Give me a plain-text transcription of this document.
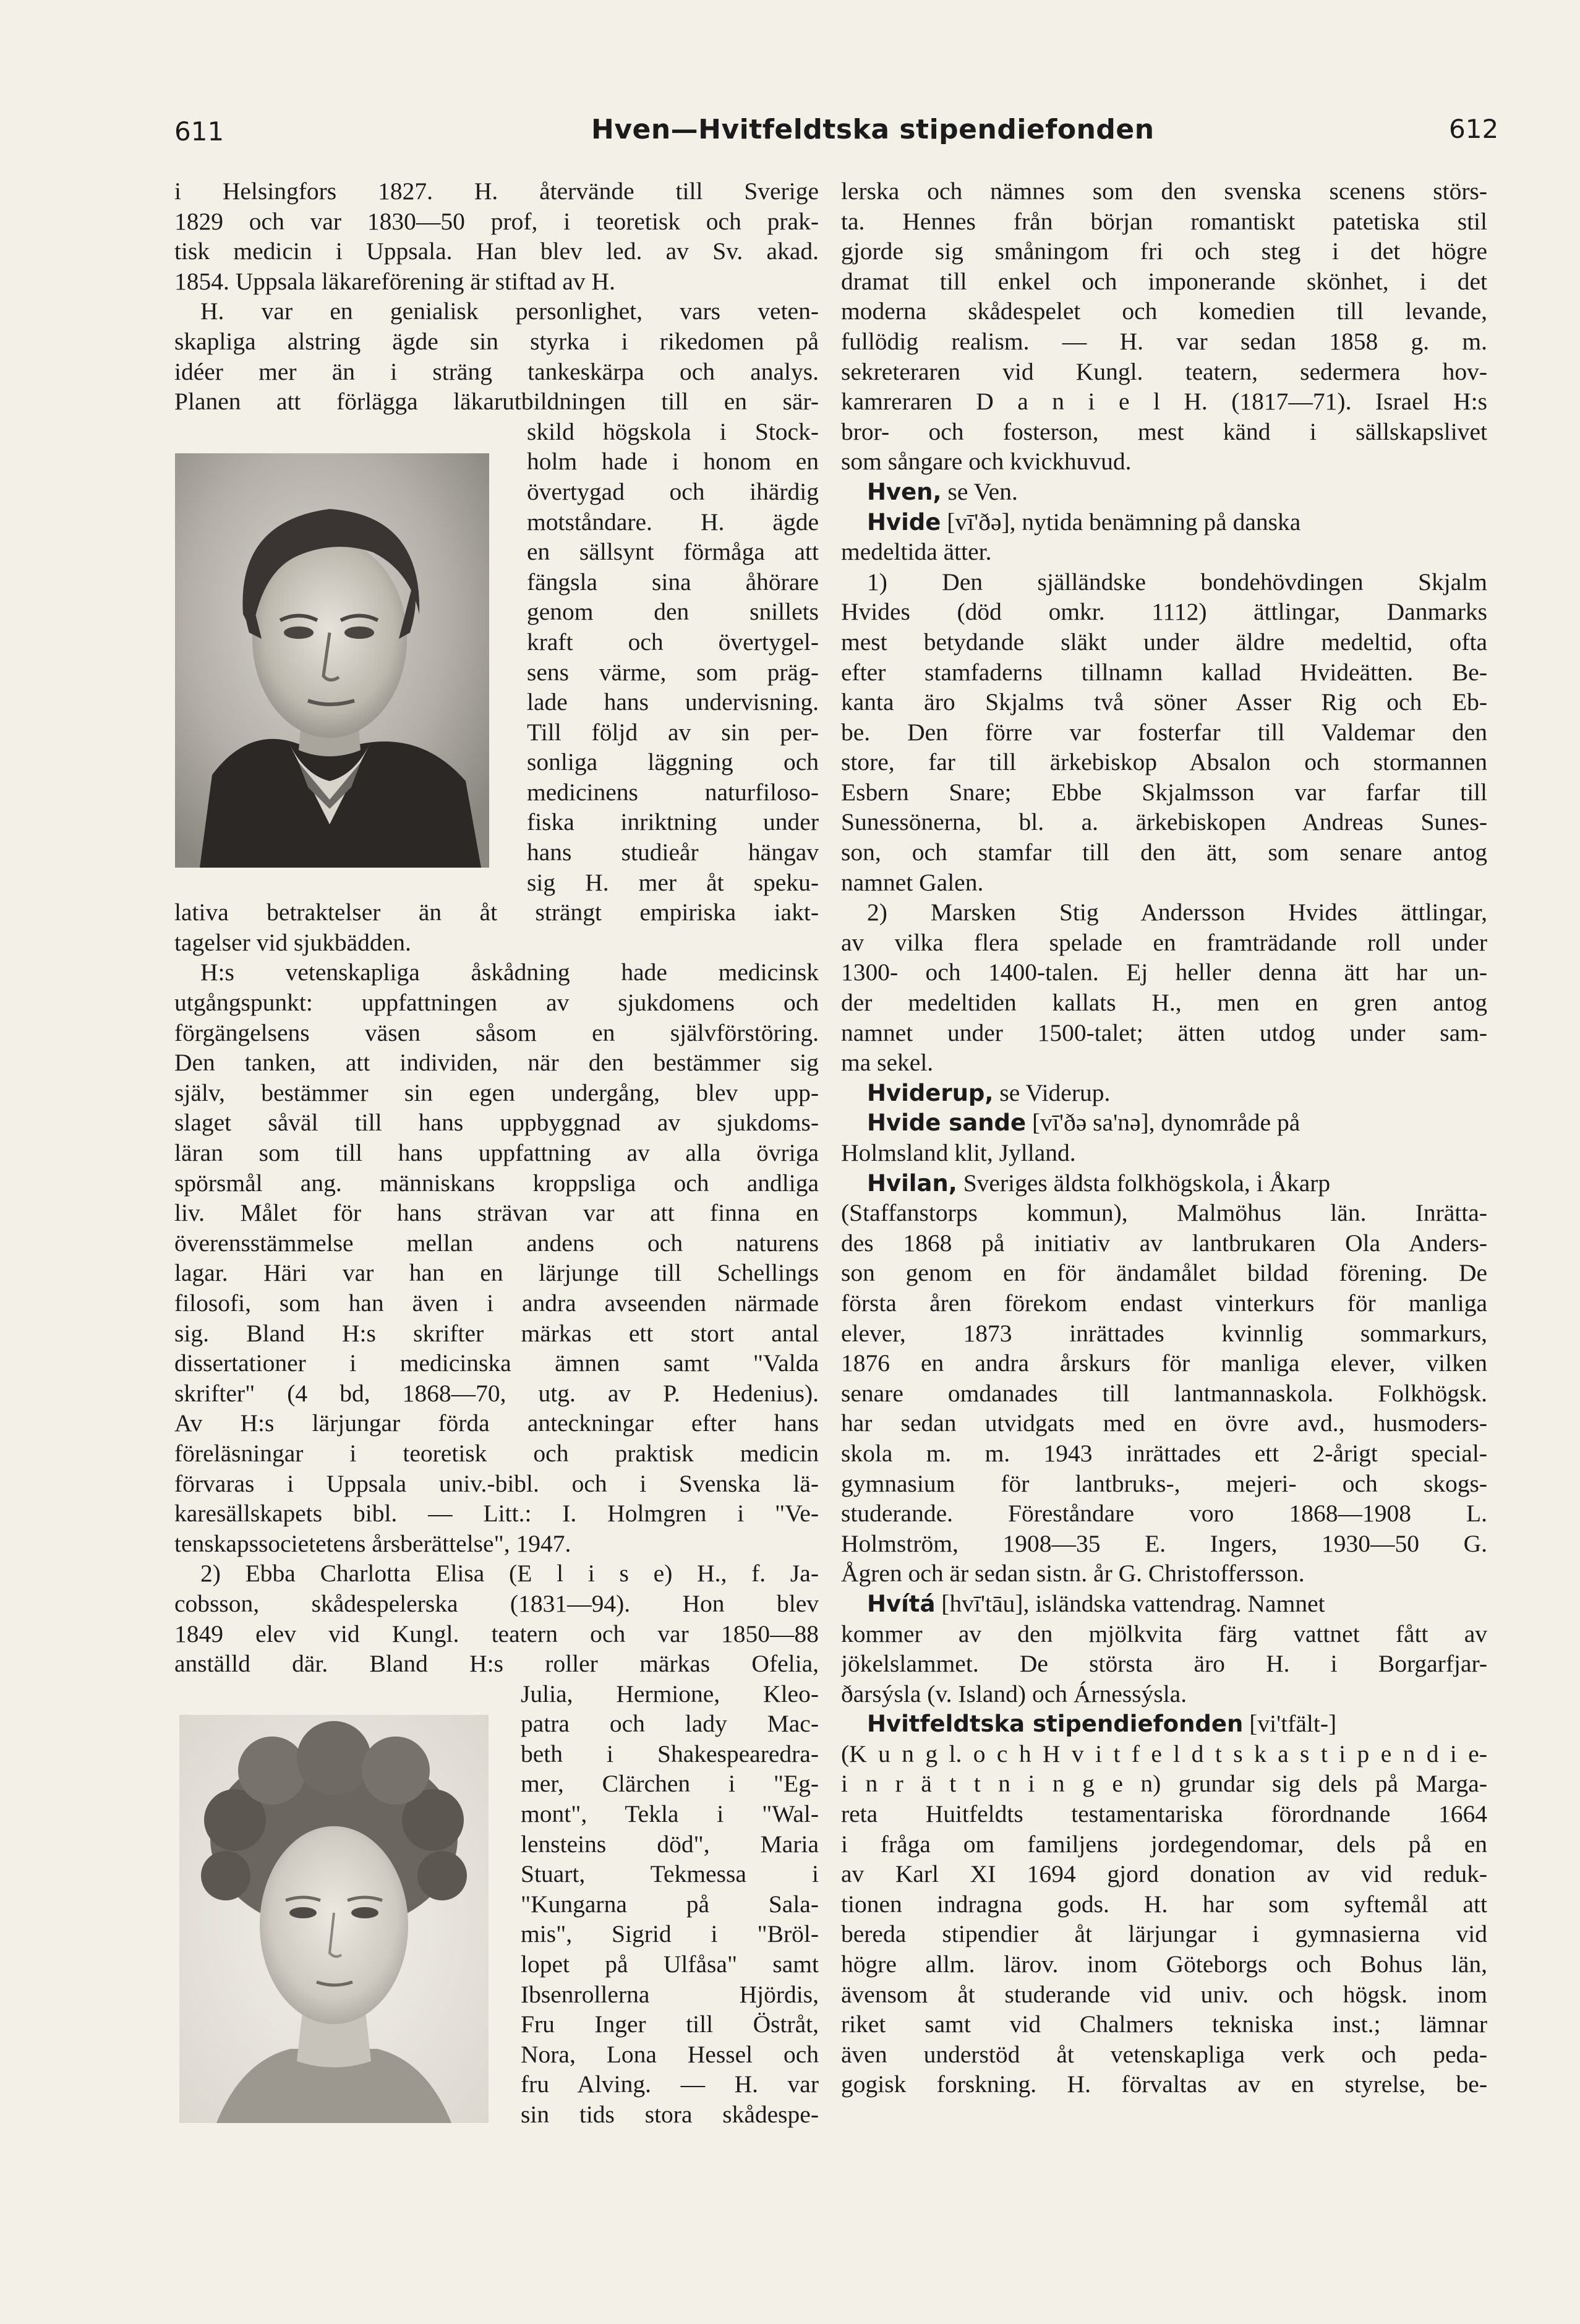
611	Hven—Hvitfeldtska stipendiefonden	612
i Helsingfors 1827. H. återvände till Sverige
1829 och var 1830—50 prof, i teoretisk och prak-
tisk medicin i Uppsala. Han blev led. av Sv. akad.
1854. Uppsala läkareförening är stiftad av H.
H. var en genialisk personlighet, vars veten-
skapliga alstring ägde sin styrka i rikedomen på
idéer mer än i sträng tankeskärpa och analys.
Planen att förlägga läkarutbildningen till en sär-
skild högskola i Stock-
holm hade i honom en
övertygad och ihärdig
motståndare. H. ägde
en sällsynt förmåga att
fängsla sina åhörare
genom den snillets
kraft och övertygel-
sens värme, som präg-
lade hans undervisning.
Till följd av sin per-
sonliga läggning och
medicinens naturfiloso-
fiska inriktning under
hans studieår hängav
sig H. mer åt speku-
lativa betraktelser än åt strängt empiriska iakt-
tagelser vid sjukbädden.
H:s vetenskapliga åskådning hade medicinsk
utgångspunkt: uppfattningen av sjukdomens och
förgängelsens väsen såsom en självförstöring.
Den tanken, att individen, när den bestämmer sig
själv, bestämmer sin egen undergång, blev upp-
slaget såväl till hans uppbyggnad av sjukdoms-
läran som till hans uppfattning av alla övriga
spörsmål ang. människans kroppsliga och andliga
liv. Målet för hans strävan var att finna en
överensstämmelse mellan andens och naturens
lagar. Häri var han en lärjunge till Schellings
filosofi, som han även i andra avseenden närmade
sig. Bland H:s skrifter märkas ett stort antal
dissertationer i medicinska ämnen samt "Valda
skrifter" (4 bd, 1868—70, utg. av P. Hedenius).
Av H:s lärjungar förda anteckningar efter hans
föreläsningar i teoretisk och praktisk medicin
förvaras i Uppsala univ.-bibl. och i Svenska lä-
karesällskapets bibl. — Litt.: I. Holmgren i "Ve-
tenskapssocietetens årsberättelse", 1947.
2) Ebba Charlotta Elisa (E l i s e) H., f. Ja-
cobsson, skådespelerska (1831—94). Hon blev
1849 elev vid Kungl. teatern och var 1850—88
anställd där. Bland H:s roller märkas Ofelia,
Julia, Hermione, Kleo-
patra och lady Mac-
beth i Shakespearedra-
mer, Clärchen i "Eg-
mont", Tekla i "Wal-
lensteins död", Maria
Stuart, Tekmessa i
"Kungarna på Sala-
mis", Sigrid i "Bröl-
lopet på Ulfåsa" samt
Ibsenrollerna Hjördis,
Fru Inger till Östråt,
Nora, Lona Hessel och
fru Alving. — H. var
sin tids stora skådespe-
lerska och nämnes som den svenska scenens störs-
ta. Hennes från början romantiskt patetiska stil
gjorde sig småningom fri och steg i det högre
dramat till enkel och imponerande skönhet, i det
moderna skådespelet och komedien till levande,
fullödig realism. — H. var sedan 1858 g. m.
sekreteraren vid Kungl. teatern, sedermera hov-
kamreraren D a n i e l H. (1817—71). Israel H:s
bror- och fosterson, mest känd i sällskapslivet
som sångare och kvickhuvud.
Hven, se Ven.
Hvide [vī'ðə], nytida benämning på danska
medeltida ätter.
1) Den själländske bondehövdingen Skjalm
Hvides (död omkr. 1112) ättlingar, Danmarks
mest betydande släkt under äldre medeltid, ofta
efter stamfaderns tillnamn kallad Hvideätten. Be-
kanta äro Skjalms två söner Asser Rig och Eb-
be. Den förre var fosterfar till Valdemar den
store, far till ärkebiskop Absalon och stormannen
Esbern Snare; Ebbe Skjalmsson var farfar till
Sunessönerna, bl. a. ärkebiskopen Andreas Sunes-
son, och stamfar till den ätt, som senare antog
namnet Galen.
2) Marsken Stig Andersson Hvides ättlingar,
av vilka flera spelade en framträdande roll under
1300- och 1400-talen. Ej heller denna ätt har un-
der medeltiden kallats H., men en gren antog
namnet under 1500-talet; ätten utdog under sam-
ma sekel.
Hviderup, se Viderup.
Hvide sande [vī'ðə sa'nə], dynområde på
Holmsland klit, Jylland.
Hvilan, Sveriges äldsta folkhögskola, i Åkarp
(Staffanstorps kommun), Malmöhus län. Inrätta-
des 1868 på initiativ av lantbrukaren Ola Anders-
son genom en för ändamålet bildad förening. De
första åren förekom endast vinterkurs för manliga
elever, 1873 inrättades kvinnlig sommarkurs,
1876 en andra årskurs för manliga elever, vilken
senare omdanades till lantmannaskola. Folkhögsk.
har sedan utvidgats med en övre avd., husmoders-
skola m. m. 1943 inrättades ett 2-årigt special-
gymnasium för lantbruks-, mejeri- och skogs-
studerande. Föreståndare voro 1868—1908 L.
Holmström, 1908—35 E. Ingers, 1930—50 G.
Ågren och är sedan sistn. år G. Christoffersson.
Hvítá [hvī'tāu], isländska vattendrag. Namnet
kommer av den mjölkvita färg vattnet fått av
jökelslammet. De största äro H. i Borgarfjar-
ðarsýsla (v. Island) och Árnessýsla.
Hvitfeldtska stipendiefonden [vi'tfält-]
(K u n g l. o c h H v i t f e l d t s k a s t i p e n d i e-
i n r ä t t n i n g e n) grundar sig dels på Marga-
reta Huitfeldts testamentariska förordnande 1664
i fråga om familjens jordegendomar, dels på en
av Karl XI 1694 gjord donation av vid reduk-
tionen indragna gods. H. har som syftemål att
bereda stipendier åt lärjungar i gymnasierna vid
högre allm. lärov. inom Göteborgs och Bohus län,
ävensom åt studerande vid univ. och högsk. inom
riket samt vid Chalmers tekniska inst.; lämnar
även understöd åt vetenskapliga verk och peda-
gogisk forskning. H. förvaltas av en styrelse, be-
